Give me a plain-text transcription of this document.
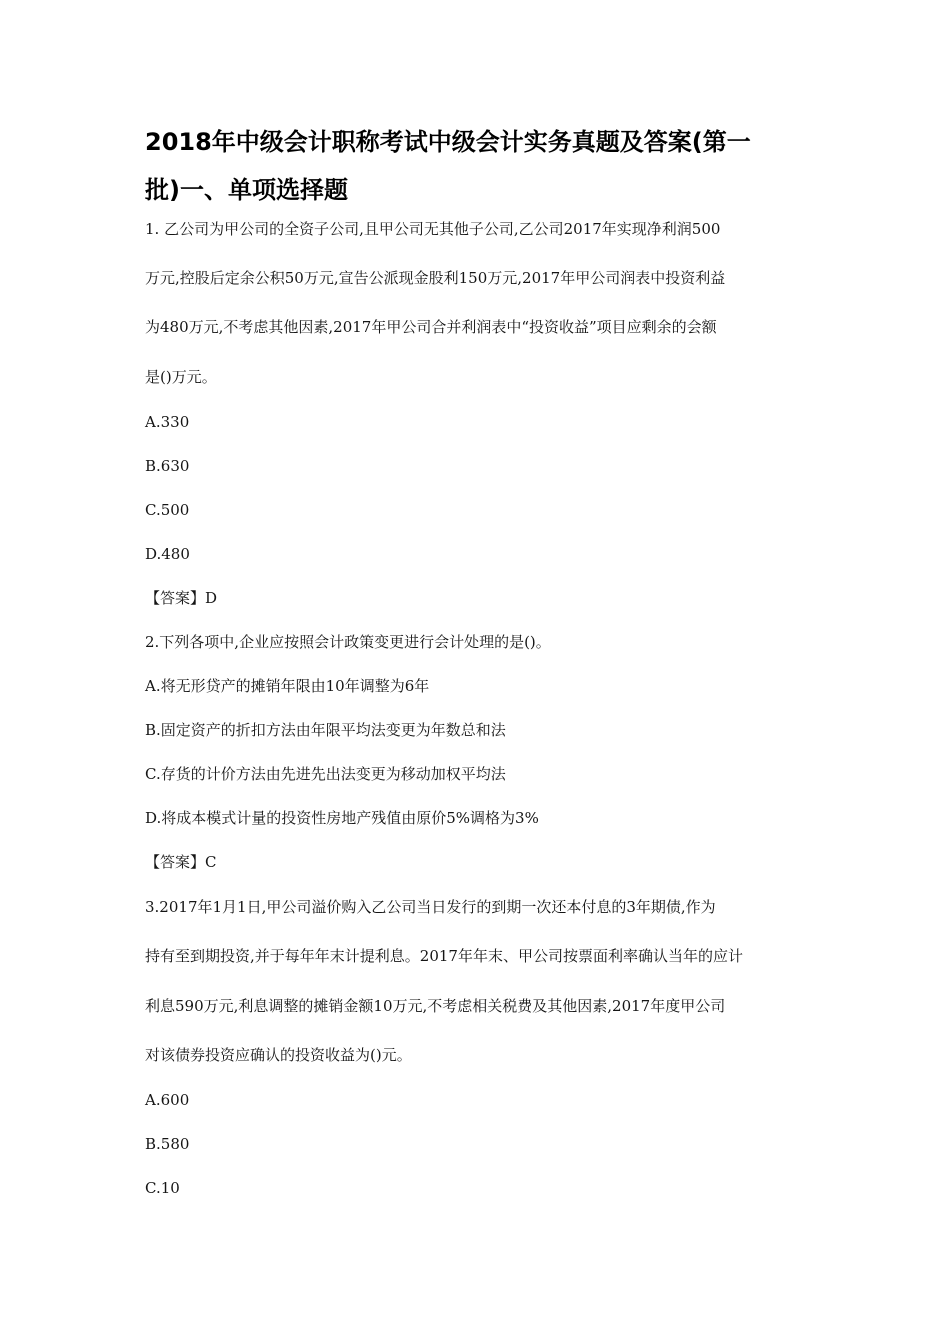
2018年中级会计职称考试中级会计实务真题及答案(第一
批)一、单项选择题

1. 乙公司为甲公司的全资子公司,且甲公司无其他子公司,乙公司2017年实现净利润500

万元,控股后定余公积50万元,宣告公派现金股利150万元,2017年甲公司润表中投资利益

为480万元,不考虑其他因素,2017年甲公司合并利润表中“投资收益”项目应剩余的会额

是()万元。

A.330

B.630

C.500

D.480

【答案】D

2.下列各项中,企业应按照会计政策变更进行会计处理的是()。

A.将无形贷产的摊销年限由10年调整为6年

B.固定资产的折扣方法由年限平均法变更为年数总和法

C.存货的计价方法由先进先出法变更为移动加权平均法

D.将成本模式计量的投资性房地产残值由原价5%调格为3%

【答案】C

3.2017年1月1日,甲公司溢价购入乙公司当日发行的到期一次还本付息的3年期债,作为

持有至到期投资,并于每年年末计提利息。2017年年末、甲公司按票面利率确认当年的应计

利息590万元,利息调整的摊销金额10万元,不考虑相关税费及其他因素,2017年度甲公司

对该债券投资应确认的投资收益为()元。

A.600

B.580

C.10
